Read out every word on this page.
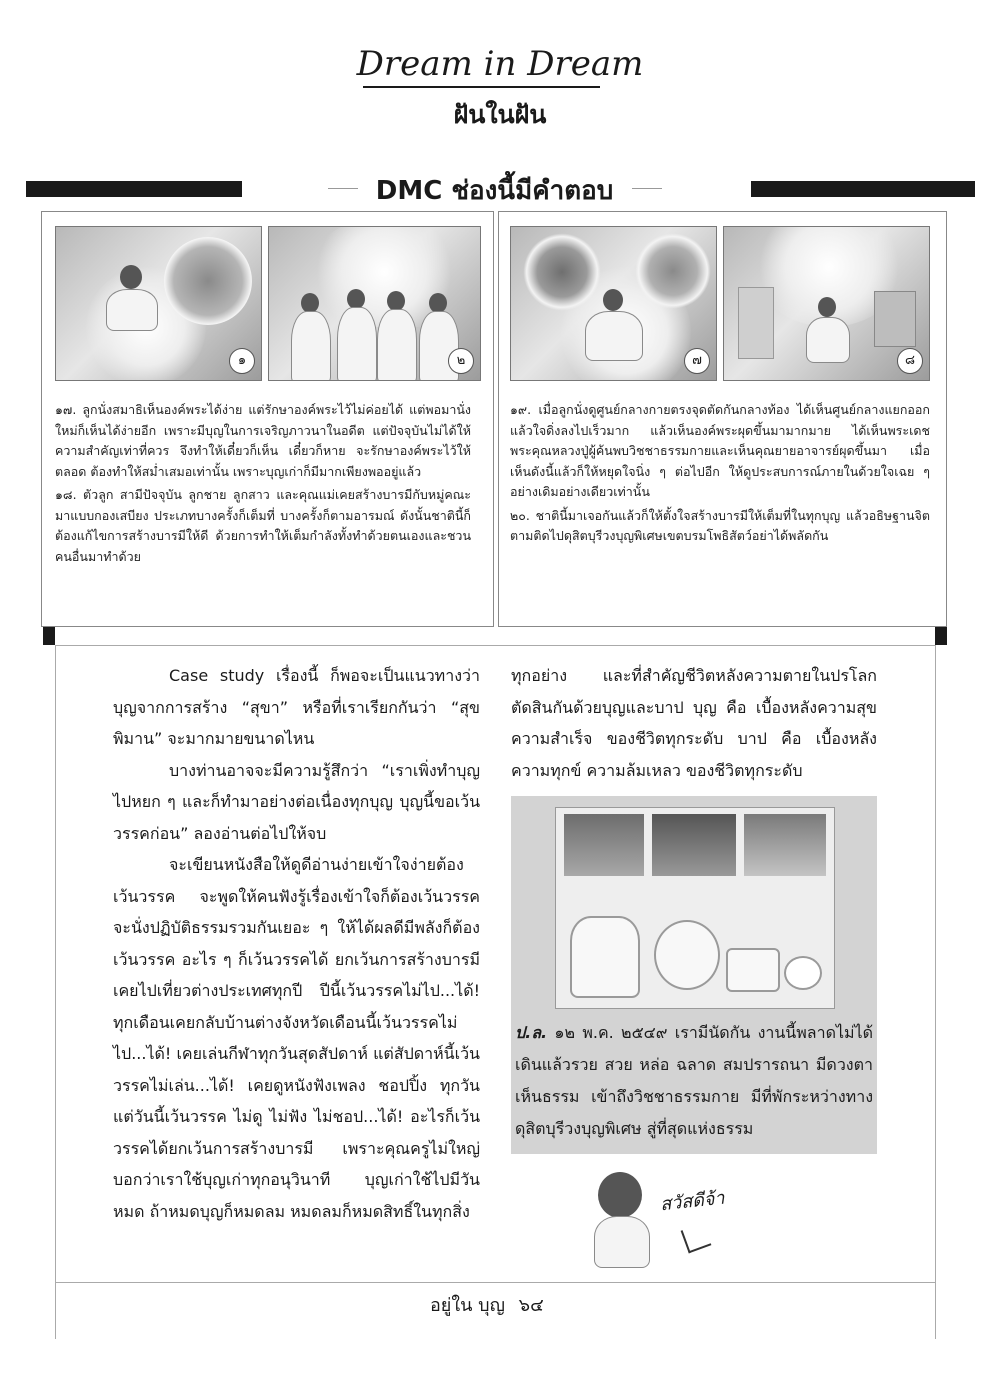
Dream in Dream
ฝันในฝัน
DMC ช่องนี้มีคำตอบ
๑	๒

๑๗. ลูกนั่งสมาธิเห็นองค์พระได้ง่าย แต่รักษาองค์พระไว้ไม่ค่อยได้ แต่พอมานั่งใหม่ก็เห็นได้ง่ายอีก เพราะมีบุญในการเจริญภาวนาในอดีต แต่ปัจจุบันไม่ได้ให้ความสำคัญเท่าที่ควร จึงทำให้เดี๋ยวก็เห็น เดี๋ยวก็หาย จะรักษาองค์พระไว้ให้ตลอด ต้องทำให้สม่ำเสมอเท่านั้น เพราะบุญเก่าก็มีมากเพียงพออยู่แล้ว

๑๘. ตัวลูก สามีปัจจุบัน ลูกชาย ลูกสาว และคุณแม่เคยสร้างบารมีกับหมู่คณะมาแบบกองเสบียง ประเภทบางครั้งก็เต็มที่ บางครั้งก็ตามอารมณ์ ดังนั้นชาตินี้ก็ต้องแก้ไขการสร้างบารมีให้ดี ด้วยการทำให้เต็มกำลังทั้งทำด้วยตนเองและชวนคนอื่นมาทำด้วย

๗	๘

๑๙. เมื่อลูกนั่งดูศูนย์กลางกายตรงจุดตัดกันกลางท้อง ได้เห็นศูนย์กลางแยกออกแล้วใจดิ่งลงไปเร็วมาก แล้วเห็นองค์พระผุดขึ้นมามากมาย ได้เห็นพระเดชพระคุณหลวงปู่ผู้ค้นพบวิชชาธรรมกายและเห็นคุณยายอาจารย์ผุดขึ้นมา เมื่อเห็นดังนี้แล้วก็ให้หยุดใจนิ่ง ๆ ต่อไปอีก ให้ดูประสบการณ์ภายในด้วยใจเฉย ๆ อย่างเดิมอย่างเดียวเท่านั้น

๒๐. ชาตินี้มาเจอกันแล้วก็ให้ตั้งใจสร้างบารมีให้เต็มที่ในทุกบุญ แล้วอธิษฐานจิตตามติดไปดุสิตบุรีวงบุญพิเศษเขตบรมโพธิสัตว์อย่าได้พลัดกัน

Case study เรื่องนี้ ก็พอจะเป็นแนวทางว่าบุญจากการสร้าง “สุขา” หรือที่เราเรียกกันว่า “สุขพิมาน” จะมากมายขนาดไหน

บางท่านอาจจะมีความรู้สึกว่า “เราเพิ่งทำบุญไปหยก ๆ และก็ทำมาอย่างต่อเนื่องทุกบุญ บุญนี้ขอเว้นวรรคก่อน” ลองอ่านต่อไปให้จบ

จะเขียนหนังสือให้ดูดีอ่านง่ายเข้าใจง่ายต้องเว้นวรรค จะพูดให้คนฟังรู้เรื่องเข้าใจก็ต้องเว้นวรรค จะนั่งปฏิบัติธรรมรวมกันเยอะ ๆ ให้ได้ผลดีมีพลังก็ต้องเว้นวรรค อะไร ๆ ก็เว้นวรรคได้ ยกเว้นการสร้างบารมี เคยไปเที่ยวต่างประเทศทุกปี ปีนี้เว้นวรรคไม่ไป...ได้! ทุกเดือนเคยกลับบ้านต่างจังหวัดเดือนนี้เว้นวรรคไม่ไป...ได้! เคยเล่นกีฬาทุกวันสุดสัปดาห์ แต่สัปดาห์นี้เว้นวรรคไม่เล่น...ได้! เคยดูหนังฟังเพลง ชอปปิ้ง ทุกวัน แต่วันนี้เว้นวรรค ไม่ดู ไม่ฟัง ไม่ชอป...ได้! อะไรก็เว้นวรรคได้ยกเว้นการสร้างบารมี เพราะคุณครูไม่ใหญ่บอกว่าเราใช้บุญเก่าทุกอนุวินาที บุญเก่าใช้ไปมีวันหมด ถ้าหมดบุญก็หมดลม หมดลมก็หมดสิทธิ์ในทุกสิ่ง

ทุกอย่าง และที่สำคัญชีวิตหลังความตายในปรโลกตัดสินกันด้วยบุญและบาป บุญ คือ เบื้องหลังความสุข ความสำเร็จ ของชีวิตทุกระดับ บาป คือ เบื้องหลัง ความทุกข์ ความล้มเหลว ของชีวิตทุกระดับ

ป.ล. ๑๒ พ.ค. ๒๕๔๙ เรามีนัดกัน งานนี้พลาดไม่ได้ เดินแล้วรวย สวย หล่อ ฉลาด สมปรารถนา มีดวงตาเห็นธรรม เข้าถึงวิชชาธรรมกาย มีที่พักระหว่างทางดุสิตบุรีวงบุญพิเศษ สู่ที่สุดแห่งธรรม
สวัสดีจ้า
อยู่ใน บุญ ๖๔
